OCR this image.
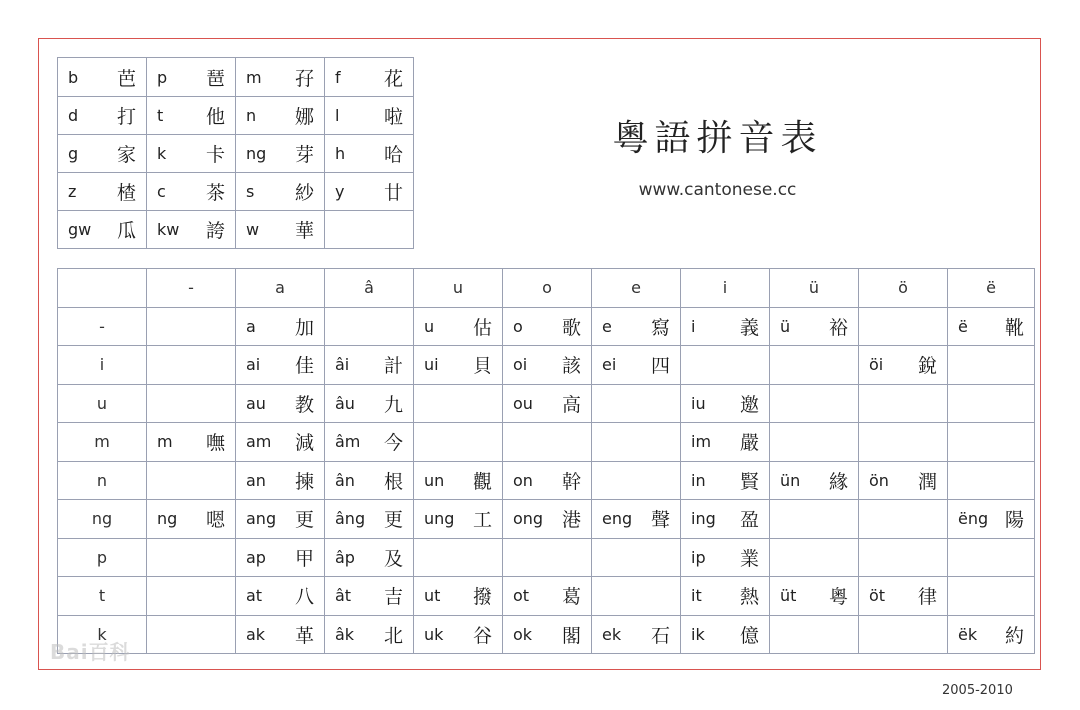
b 芭	p 琶	m 孖	f 花

d 打	t 他	n 娜	l 啦

g 家	k 卡	ng 芽	h 哈

z 楂	c 茶	s 紗	y 廿

gw 瓜	kw 誇	w 華	

粵語拼音表
www.cantonese.cc
	-	a	â	u	o	e	i	ü	ö	ë
-		a 加		u 估	o 歌	e 寫	i 義	ü 裕		ë 靴

i		ai 佳	âi 計	ui 貝	oi 該	ei 四			öi 銳	

u		au 教	âu 九		ou 高		iu 邀			

m	m 嘸	am 減	âm 今				im 嚴			

n		an 揀	ân 根	un 觀	on 幹		in 賢	ün 緣	ön 潤	

ng	ng 嗯	ang 更	âng 更	ung 工	ong 港	eng 聲	ing 盈			ëng 陽

p		ap 甲	âp 及				ip 業			

t		at 八	ât 吉	ut 撥	ot 葛		it 熱	üt 粵	öt 律	

k		ak 革	âk 北	uk 谷	ok 閣	ek 石	ik 億			ëk 約
Bai百科
2005-2010
